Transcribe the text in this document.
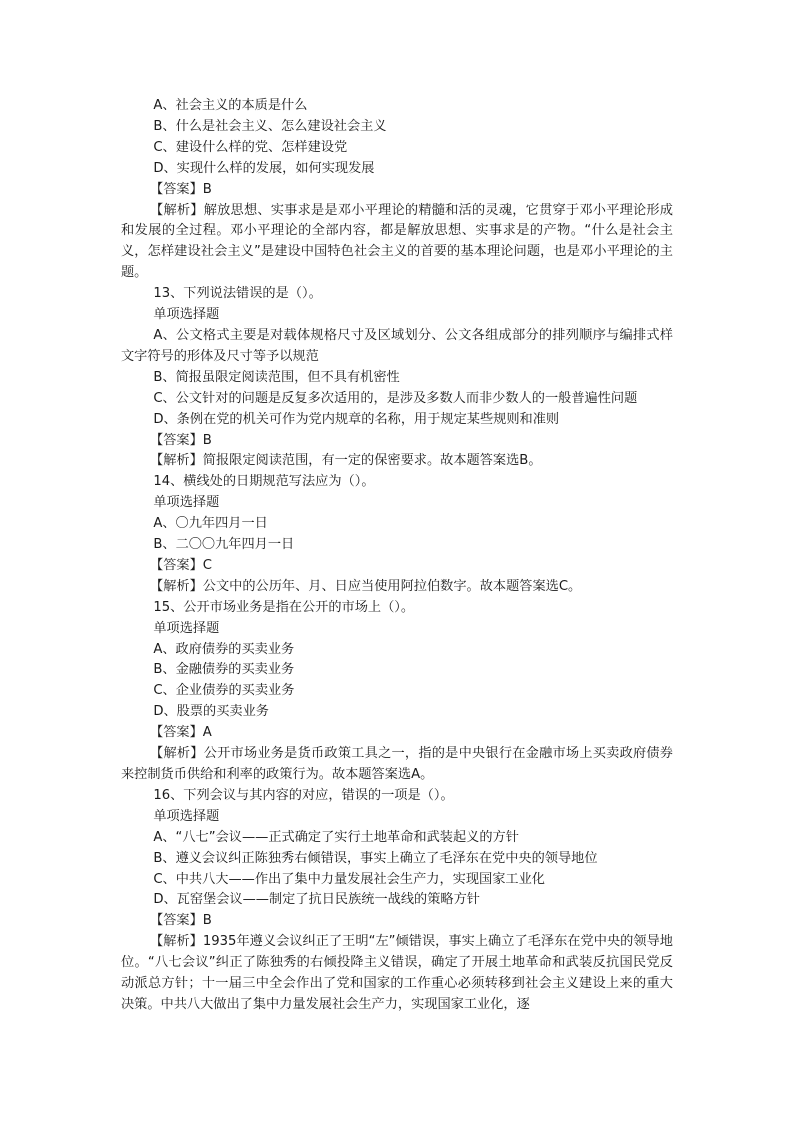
A、社会主义的本质是什么

B、什么是社会主义、怎么建设社会主义

C、建设什么样的党、怎样建设党

D、实现什么样的发展，如何实现发展

【答案】B

【解析】解放思想、实事求是是邓小平理论的精髓和活的灵魂，它贯穿于邓小平理论形成和发展的全过程。邓小平理论的全部内容，都是解放思想、实事求是的产物。“什么是社会主义，怎样建设社会主义”是建设中国特色社会主义的首要的基本理论问题，也是邓小平理论的主题。

13、下列说法错误的是（）。

单项选择题

A、公文格式主要是对载体规格尺寸及区域划分、公文各组成部分的排列顺序与编排式样文字符号的形体及尺寸等予以规范

B、简报虽限定阅读范围，但不具有机密性

C、公文针对的问题是反复多次适用的，是涉及多数人而非少数人的一般普遍性问题

D、条例在党的机关可作为党内规章的名称，用于规定某些规则和准则

【答案】B

【解析】简报限定阅读范围，有一定的保密要求。故本题答案选B。

14、横线处的日期规范写法应为（）。

单项选择题

A、〇九年四月一日

B、二〇〇九年四月一日

【答案】C

【解析】公文中的公历年、月、日应当使用阿拉伯数字。故本题答案选C。

15、公开市场业务是指在公开的市场上（）。

单项选择题

A、政府债券的买卖业务

B、金融债券的买卖业务

C、企业债券的买卖业务

D、股票的买卖业务

【答案】A

【解析】公开市场业务是货币政策工具之一，指的是中央银行在金融市场上买卖政府债券来控制货币供给和利率的政策行为。故本题答案选A。

16、下列会议与其内容的对应，错误的一项是（）。

单项选择题

A、“八七”会议——正式确定了实行土地革命和武装起义的方针

B、遵义会议纠正陈独秀右倾错误，事实上确立了毛泽东在党中央的领导地位

C、中共八大——作出了集中力量发展社会生产力，实现国家工业化

D、瓦窑堡会议——制定了抗日民族统一战线的策略方针

【答案】B

【解析】1935年遵义会议纠正了王明“左”倾错误，事实上确立了毛泽东在党中央的领导地位。“八七会议”纠正了陈独秀的右倾投降主义错误，确定了开展土地革命和武装反抗国民党反动派总方针；十一届三中全会作出了党和国家的工作重心必须转移到社会主义建设上来的重大决策。中共八大做出了集中力量发展社会生产力，实现国家工业化，逐
